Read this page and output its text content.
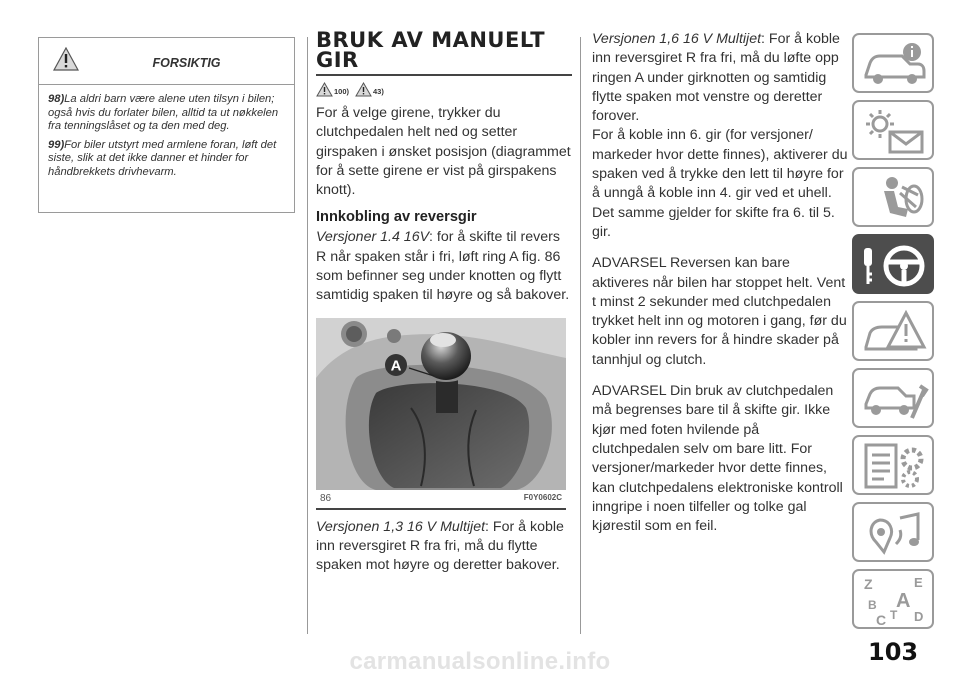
FORSIKTIG

98)La aldri barn være alene uten tilsyn i bilen; også hvis du forlater bilen, alltid ta ut nøkkelen fra tenningslåset og ta den med deg.

99)For biler utstyrt med armlene foran, løft det siste, slik at det ikke danner et hinder for håndbrekkets drivhevarm.

BRUK AV MANUELT GIR
100)	43)

For å velge girene, trykker du clutchpedalen helt ned og setter girspaken i ønsket posisjon (diagrammet for å sette girene er vist på girspakens knott).

Innkobling av reversgir

Versjoner 1.4 16V: for å skifte til revers R når spaken står i fri, løft ring A fig. 86 som befinner seg under knotten og flytt samtidig spaken til høyre og så bakover.

A
86	F0Y0602C

Versjonen 1,3 16 V Multijet: For å koble inn reversgiret R fra fri, må du flytte spaken mot høyre og deretter bakover.

Versjonen 1,6 16 V Multijet: For å koble inn reversgiret R fra fri, må du løfte opp ringen A under girknotten og samtidig flytte spaken mot venstre og deretter forover.

For å koble inn 6. gir (for versjoner/ markeder hvor dette finnes), aktiverer du spaken ved å trykke den lett til høyre for å unngå å koble inn 4. gir ved et uhell. Det samme gjelder for skifte fra 6. til 5. gir.

ADVARSEL Reversen kan bare aktiveres når bilen har stoppet helt. Vent t minst 2 sekunder med clutchpedalen trykket helt inn og motoren i gang, før du kobler inn revers for å hindre skader på tannhjul og clutch.

ADVARSEL Din bruk av clutchpedalen må begrenses bare til å skifte gir. Ikke kjør med foten hvilende på clutchpedalen selv om bare litt. For versjoner/markeder hvor dette finnes, kan clutchpedalens elektroniske kontroll inngripe i noen tilfeller og tolke gal kjørestil som en feil.

Z	E
B A
C T D
103
carmanualsonline.info
